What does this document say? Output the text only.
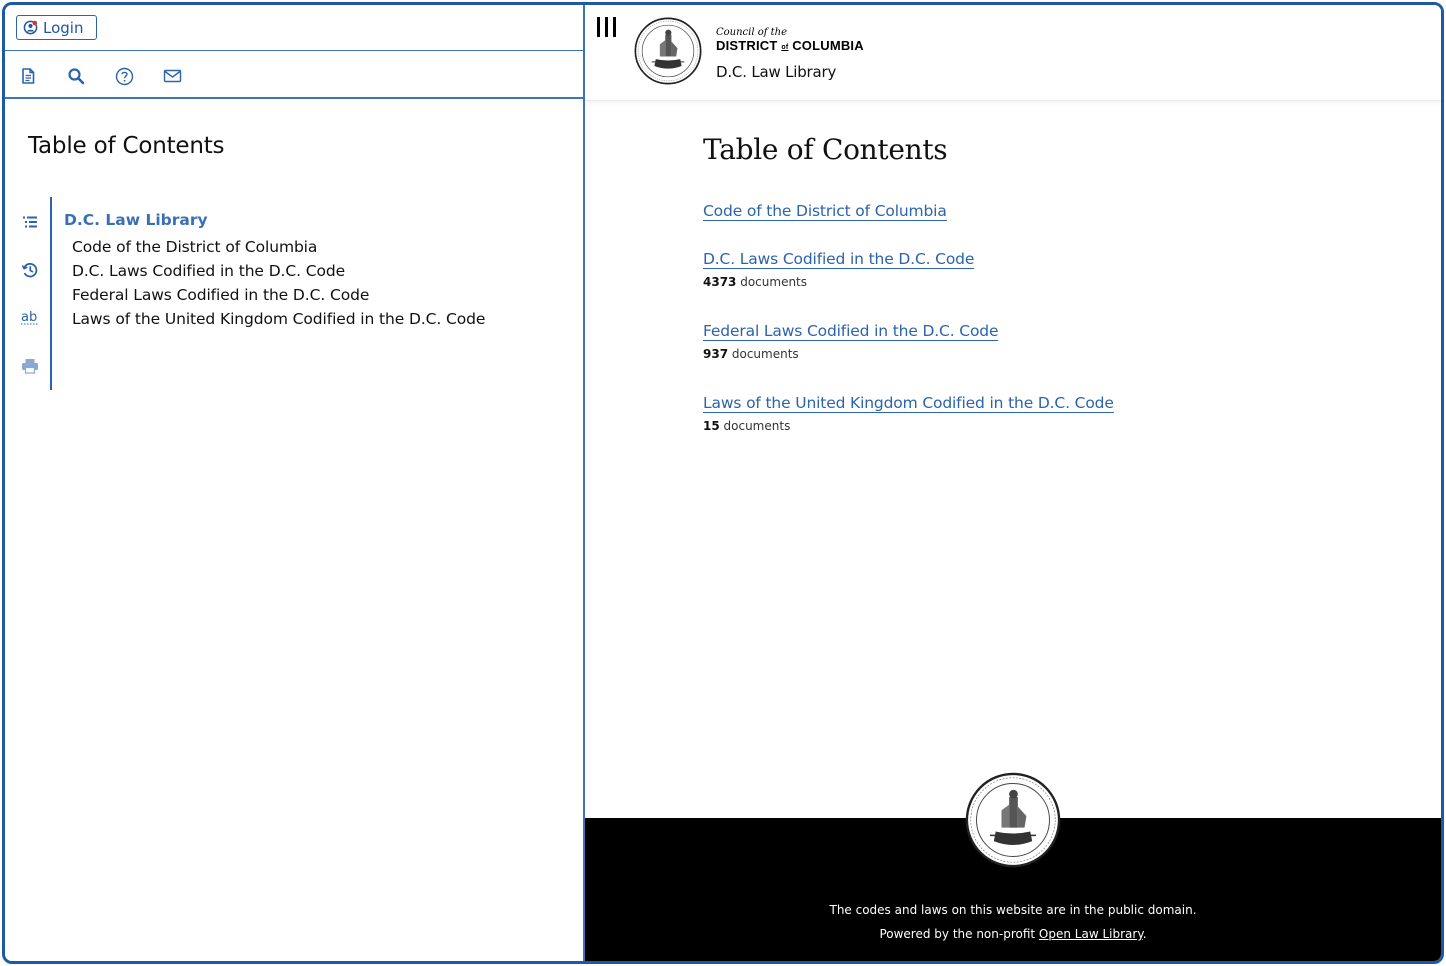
Login
Table of Contents
ab
D.C. Law Library
Code of the District of Columbia
D.C. Laws Codified in the D.C. Code
Federal Laws Codified in the D.C. Code
Laws of the United Kingdom Codified in the D.C. Code
Council of the
DISTRICT of COLUMBIA
D.C. Law Library
Table of Contents
Code of the District of Columbia
D.C. Laws Codified in the D.C. Code
4373 documents
Federal Laws Codified in the D.C. Code
937 documents
Laws of the United Kingdom Codified in the D.C. Code
15 documents
The codes and laws on this website are in the public domain.
Powered by the non-profit Open Law Library.
